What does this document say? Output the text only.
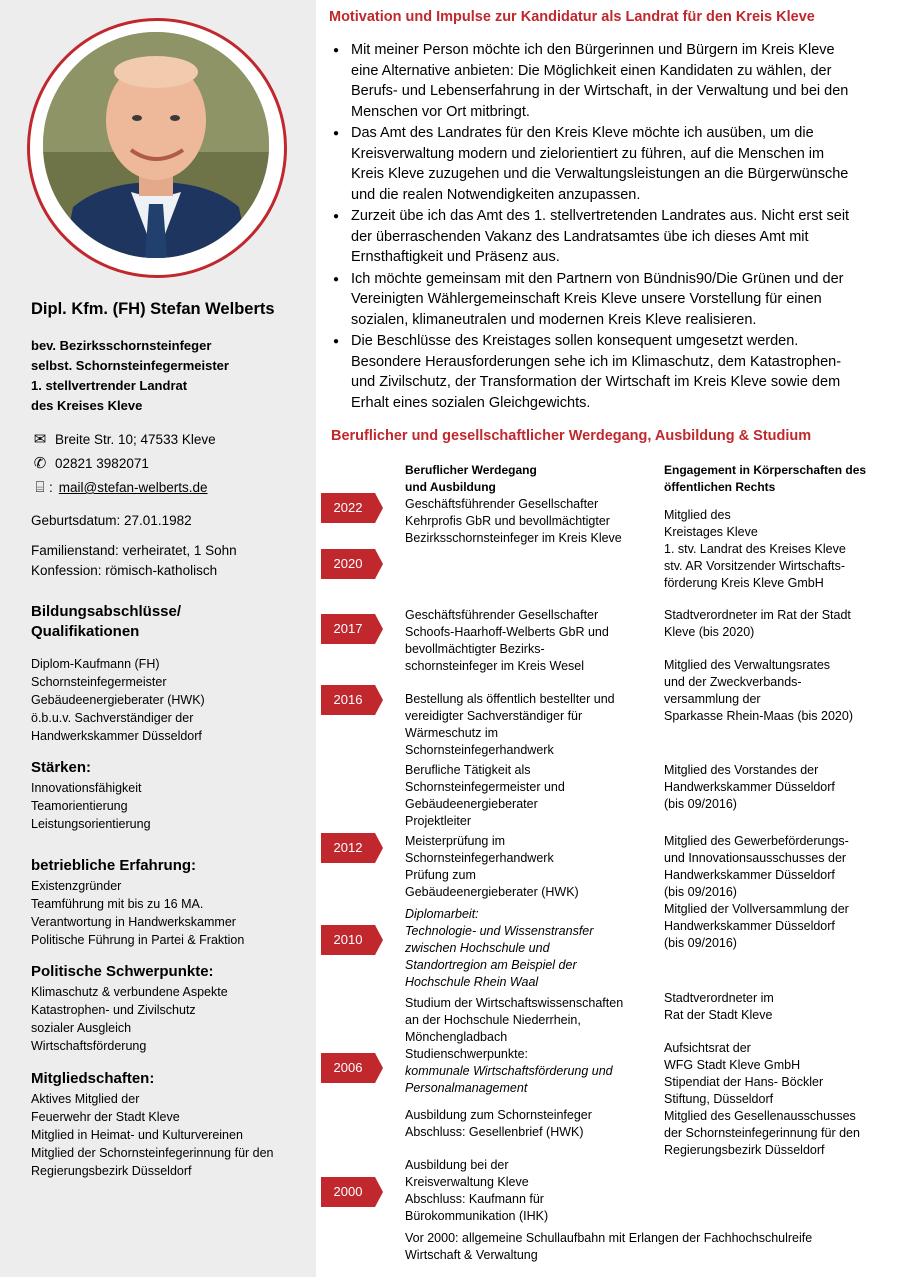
Dipl. Kfm. (FH) Stefan Welberts
bev. Bezirksschornsteinfeger
selbst. Schornsteinfegermeister
1. stellvertrender Landrat
des Kreises Kleve
✉ Breite Str. 10; 47533 Kleve
✆ 02821 3982071
⌸ : mail@stefan-welberts.de
Geburtsdatum: 27.01.1982
Familienstand: verheiratet, 1 Sohn
Konfession: römisch-katholisch
Bildungsabschlüsse/
Qualifikationen
Diplom-Kaufmann (FH)
Schornsteinfegermeister
Gebäudeenergieberater (HWK)
ö.b.u.v. Sachverständiger der
Handwerkskammer Düsseldorf
Stärken:
Innovationsfähigkeit
Teamorientierung
Leistungsorientierung
betriebliche Erfahrung:
Existenzgründer
Teamführung mit bis zu 16 MA.
Verantwortung in Handwerkskammer
Politische Führung in Partei & Fraktion
Politische Schwerpunkte:
Klimaschutz & verbundene Aspekte
Katastrophen- und Zivilschutz
sozialer Ausgleich
Wirtschaftsförderung
Mitgliedschaften:
Aktives Mitglied der
Feuerwehr der Stadt Kleve
Mitglied in Heimat- und Kulturvereinen
Mitglied der Schornsteinfegerinnung für den
Regierungsbezirk Düsseldorf
Motivation und Impulse zur Kandidatur als Landrat für den Kreis Kleve
● Mit meiner Person möchte ich den Bürgerinnen und Bürgern im Kreis Kleve
eine Alternative anbieten: Die Möglichkeit einen Kandidaten zu wählen, der
Berufs- und Lebenserfahrung in der Wirtschaft, in der Verwaltung und bei den
Menschen vor Ort mitbringt.
● Das Amt des Landrates für den Kreis Kleve möchte ich ausüben, um die
Kreisverwaltung modern und zielorientiert zu führen, auf die Menschen im
Kreis Kleve zuzugehen und die Verwaltungsleistungen an die Bürgerwünsche
und die realen Notwendigkeiten anzupassen.
● Zurzeit übe ich das Amt des 1. stellvertretenden Landrates aus. Nicht erst seit
der überraschenden Vakanz des Landratsamtes übe ich dieses Amt mit
Ernsthaftigkeit und Präsenz aus.
● Ich möchte gemeinsam mit den Partnern von Bündnis90/Die Grünen und der
Vereinigten Wählergemeinschaft Kreis Kleve unsere Vorstellung für einen
sozialen, klimaneutralen und modernen Kreis Kleve realisieren.
● Die Beschlüsse des Kreistages sollen konsequent umgesetzt werden.
Besondere Herausforderungen sehe ich im Klimaschutz, dem Katastrophen-
und Zivilschutz, der Transformation der Wirtschaft im Kreis Kleve sowie dem
Erhalt eines sozialen Gleichgewichts.
Beruflicher und gesellschaftlicher Werdegang, Ausbildung & Studium
Beruflicher Werdegang
und Ausbildung
Engagement in Körperschaften des
öffentlichen Rechts
2022
2020
2017
2016
2012
2010
2006
2000
Geschäftsführender Gesellschafter
Kehrprofis GbR und bevollmächtigter
Bezirksschornsteinfeger im Kreis Kleve
Geschäftsführender Gesellschafter
Schoofs-Haarhoff-Welberts GbR und
bevollmächtigter Bezirks-
schornsteinfeger im Kreis Wesel
Bestellung als öffentlich bestellter und
vereidigter Sachverständiger für
Wärmeschutz im
Schornsteinfegerhandwerk
Berufliche Tätigkeit als
Schornsteinfegermeister und
Gebäudeenergieberater
Projektleiter
Meisterprüfung im
Schornsteinfegerhandwerk
Prüfung zum
Gebäudeenergieberater (HWK)
Diplomarbeit:
Technologie- und Wissenstransfer
zwischen Hochschule und
Standortregion am Beispiel der
Hochschule Rhein Waal
Studium der Wirtschaftswissenschaften
an der Hochschule Niederrhein,
Mönchengladbach
Studienschwerpunkte:
kommunale Wirtschaftsförderung und
Personalmanagement
Ausbildung zum Schornsteinfeger
Abschluss: Gesellenbrief (HWK)
Ausbildung bei der
Kreisverwaltung Kleve
Abschluss: Kaufmann für
Bürokommunikation (IHK)
Mitglied des
Kreistages Kleve
1. stv. Landrat des Kreises Kleve
stv. AR Vorsitzender Wirtschafts-
förderung Kreis Kleve GmbH
Stadtverordneter im Rat der Stadt
Kleve (bis 2020)
Mitglied des Verwaltungsrates
und der Zweckverbands-
versammlung der
Sparkasse Rhein-Maas (bis 2020)
Mitglied des Vorstandes der
Handwerkskammer Düsseldorf
(bis 09/2016)
Mitglied des Gewerbeförderungs-
und Innovationsausschusses der
Handwerkskammer Düsseldorf
(bis 09/2016)
Mitglied der Vollversammlung der
Handwerkskammer Düsseldorf
(bis 09/2016)
Stadtverordneter im
Rat der Stadt Kleve
Aufsichtsrat der
WFG Stadt Kleve GmbH
Stipendiat der Hans- Böckler
Stiftung, Düsseldorf
Mitglied des Gesellenausschusses
der Schornsteinfegerinnung für den
Regierungsbezirk Düsseldorf
Vor 2000: allgemeine Schullaufbahn mit Erlangen der Fachhochschulreife
Wirtschaft & Verwaltung
